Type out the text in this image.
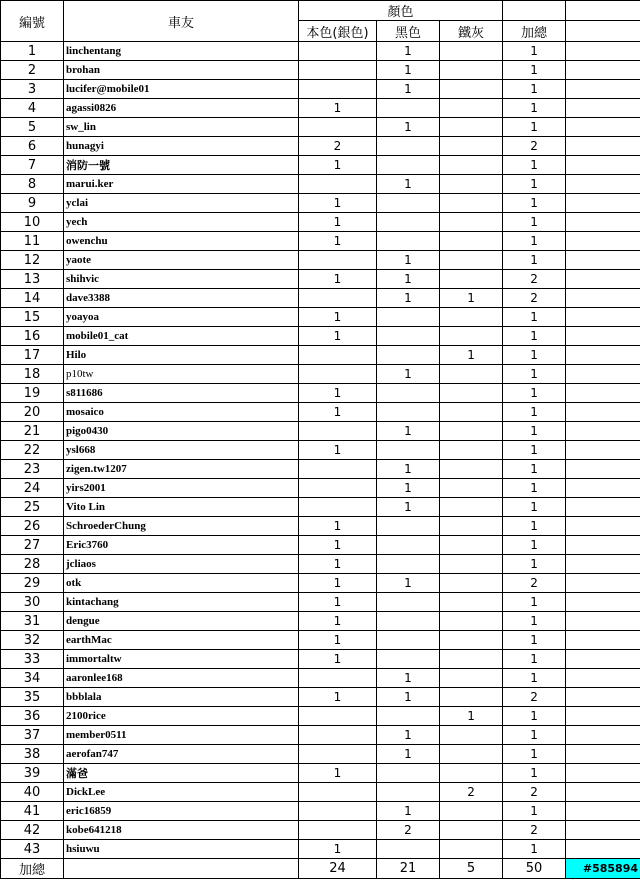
編號	車友	顏色				
		本色(銀色)	黑色	鐵灰	加總	
1	linchentang		1		1	
2	brohan		1		1	
3	lucifer@mobile01		1		1	
4	agassi0826	1			1	
5	sw_lin		1		1	
6	hunagyi	2			2	
7	消防一號	1			1	
8	marui.ker		1		1	
9	yclai	1			1	
10	yech	1			1	
11	owenchu	1			1	
12	yaote		1		1	
13	shihvic	1	1		2	
14	dave3388		1	1	2	
15	yoayoa	1			1	
16	mobile01_cat	1			1	
17	Hilo			1	1	
18	p10tw		1		1	
19	s811686	1			1	
20	mosaico	1			1	
21	pigo0430		1		1	
22	ysl668	1			1	
23	zigen.tw1207		1		1	
24	yirs2001		1		1	
25	Vito Lin		1		1	
26	SchroederChung	1			1	
27	Eric3760	1			1	
28	jcliaos	1			1	
29	otk	1	1		2	
30	kintachang	1			1	
31	dengue	1			1	
32	earthMac	1			1	
33	immortaltw	1			1	
34	aaronlee168		1		1	
35	bbblala	1	1		2	
36	2100rice			1	1	
37	member0511		1		1	
38	aerofan747		1		1	
39	滿爸	1			1	
40	DickLee			2	2	
41	eric16859		1		1	
42	kobe641218		2		2	
43	hsiuwu	1			1	
加總		24	21	5	50	#585894
